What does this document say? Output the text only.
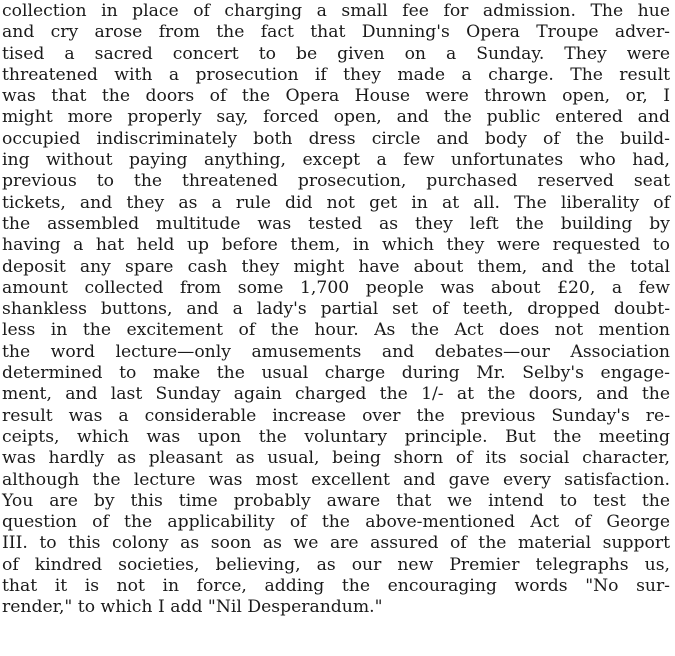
collection in place of charging a small fee for admission. The hue
and cry arose from the fact that Dunning's Opera Troupe adver-
tised a sacred concert to be given on a Sunday. They were
threatened with a prosecution if they made a charge. The result
was that the doors of the Opera House were thrown open, or, I
might more properly say, forced open, and the public entered and
occupied indiscriminately both dress circle and body of the build-
ing without paying anything, except a few unfortunates who had,
previous to the threatened prosecution, purchased reserved seat
tickets, and they as a rule did not get in at all. The liberality of
the assembled multitude was tested as they left the building by
having a hat held up before them, in which they were requested to
deposit any spare cash they might have about them, and the total
amount collected from some 1,700 people was about £20, a few
shankless buttons, and a lady's partial set of teeth, dropped doubt-
less in the excitement of the hour. As the Act does not mention
the word lecture—only amusements and debates—our Association
determined to make the usual charge during Mr. Selby's engage-
ment, and last Sunday again charged the 1/- at the doors, and the
result was a considerable increase over the previous Sunday's re-
ceipts, which was upon the voluntary principle. But the meeting
was hardly as pleasant as usual, being shorn of its social character,
although the lecture was most excellent and gave every satisfaction.
You are by this time probably aware that we intend to test the
question of the applicability of the above-mentioned Act of George
III. to this colony as soon as we are assured of the material support
of kindred societies, believing, as our new Premier telegraphs us,
that it is not in force, adding the encouraging words "No sur-
render," to which I add "Nil Desperandum."
